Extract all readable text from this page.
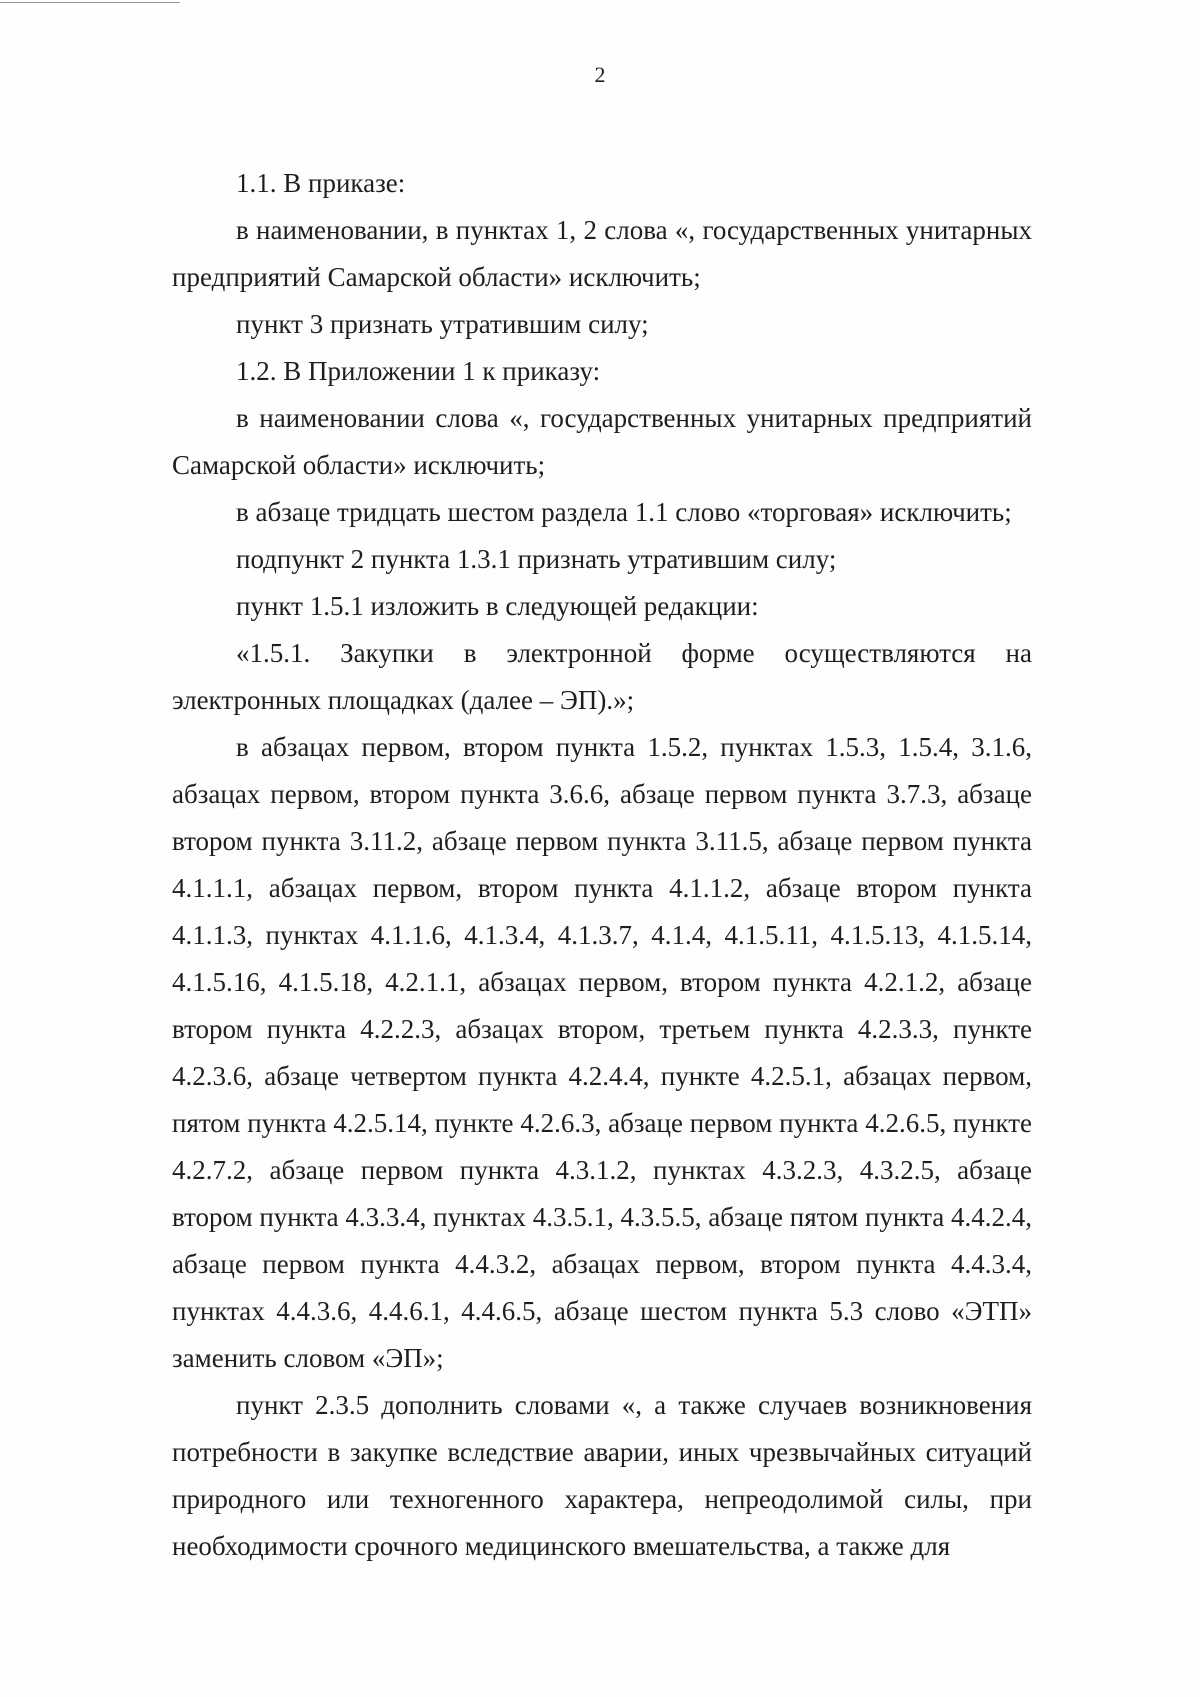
2

1.1. В приказе:

в наименовании, в пунктах 1, 2 слова «, государственных унитарных предприятий Самарской области» исключить;

пункт 3 признать утратившим силу;

1.2. В Приложении 1 к приказу:

в наименовании слова «, государственных унитарных предприятий Самарской области» исключить;

в абзаце тридцать шестом раздела 1.1 слово «торговая» исключить;

подпункт 2 пункта 1.3.1 признать утратившим силу;

пункт 1.5.1 изложить в следующей редакции:

«1.5.1. Закупки в электронной форме осуществляются на электронных площадках (далее – ЭП).»;

в абзацах первом, втором пункта 1.5.2, пунктах 1.5.3, 1.5.4, 3.1.6, абзацах первом, втором пункта 3.6.6, абзаце первом пункта 3.7.3, абзаце втором пункта 3.11.2, абзаце первом пункта 3.11.5, абзаце первом пункта 4.1.1.1, абзацах первом, втором пункта 4.1.1.2, абзаце втором пункта 4.1.1.3, пунктах 4.1.1.6, 4.1.3.4, 4.1.3.7, 4.1.4, 4.1.5.11, 4.1.5.13, 4.1.5.14, 4.1.5.16, 4.1.5.18, 4.2.1.1, абзацах первом, втором пункта 4.2.1.2, абзаце втором пункта 4.2.2.3, абзацах втором, третьем пункта 4.2.3.3, пункте 4.2.3.6, абзаце четвертом пункта 4.2.4.4, пункте 4.2.5.1, абзацах первом, пятом пункта 4.2.5.14, пункте 4.2.6.3, абзаце первом пункта 4.2.6.5, пункте 4.2.7.2, абзаце первом пункта 4.3.1.2, пунктах 4.3.2.3, 4.3.2.5, абзаце втором пункта 4.3.3.4, пунктах 4.3.5.1, 4.3.5.5, абзаце пятом пункта 4.4.2.4, абзаце первом пункта 4.4.3.2, абзацах первом, втором пункта 4.4.3.4, пунктах 4.4.3.6, 4.4.6.1, 4.4.6.5, абзаце шестом пункта 5.3 слово «ЭТП» заменить словом «ЭП»;

пункт 2.3.5 дополнить словами «, а также случаев возникновения потребности в закупке вследствие аварии, иных чрезвычайных ситуаций природного или техногенного характера, непреодолимой силы, при необходимости срочного медицинского вмешательства, а также для
